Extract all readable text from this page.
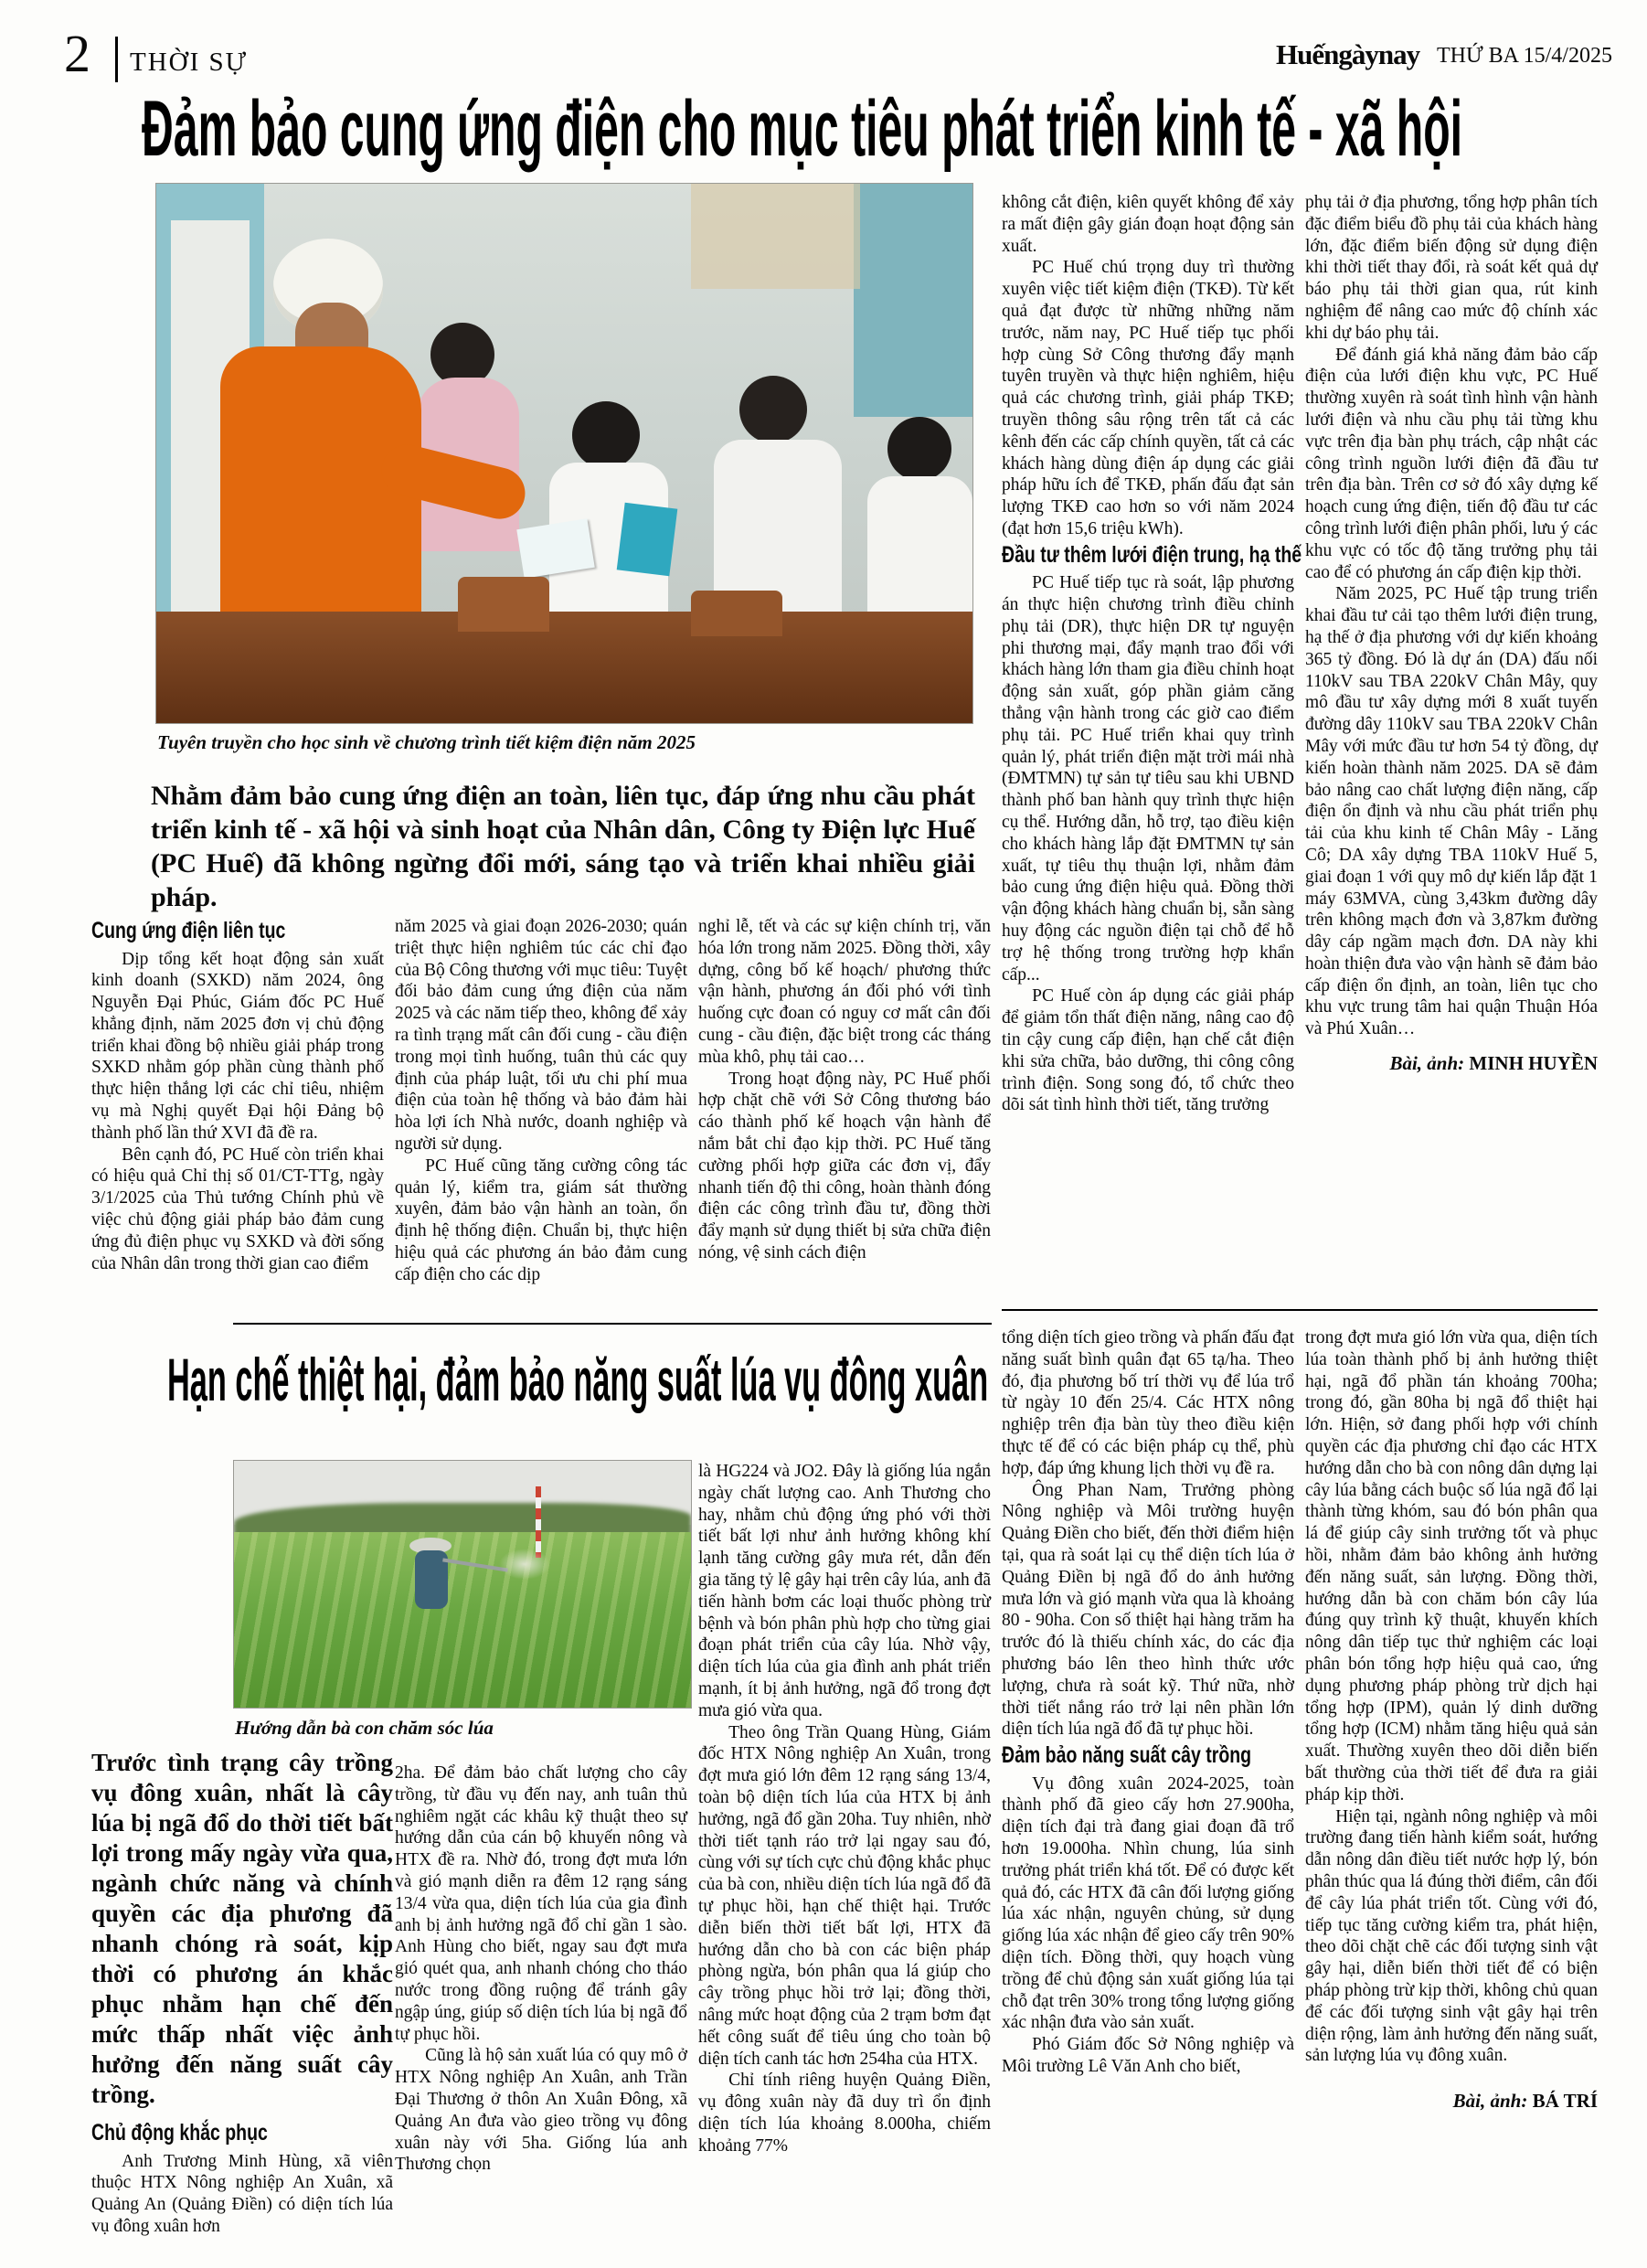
2 THỜI SỰ	Huếngàynay THỨ BA 15/4/2025
Đảm bảo cung ứng điện cho mục tiêu phát triển kinh tế - xã hội
Tuyên truyền cho học sinh về chương trình tiết kiệm điện năm 2025
Nhằm đảm bảo cung ứng điện an toàn, liên tục, đáp ứng nhu cầu phát triển kinh tế - xã hội và sinh hoạt của Nhân dân, Công ty Điện lực Huế (PC Huế) đã không ngừng đổi mới, sáng tạo và triển khai nhiều giải pháp.
Cung ứng điện liên tục

Dịp tổng kết hoạt động sản xuất kinh doanh (SXKD) năm 2024, ông Nguyễn Đại Phúc, Giám đốc PC Huế khẳng định, năm 2025 đơn vị chủ động triển khai đồng bộ nhiều giải pháp trong SXKD nhằm góp phần cùng thành phố thực hiện thắng lợi các chỉ tiêu, nhiệm vụ mà Nghị quyết Đại hội Đảng bộ thành phố lần thứ XVI đã đề ra.

Bên cạnh đó, PC Huế còn triển khai có hiệu quả Chỉ thị số 01/CT-TTg, ngày 3/1/2025 của Thủ tướng Chính phủ về việc chủ động giải pháp bảo đảm cung ứng đủ điện phục vụ SXKD và đời sống của Nhân dân trong thời gian cao điểm

năm 2025 và giai đoạn 2026-2030; quán triệt thực hiện nghiêm túc các chỉ đạo của Bộ Công thương với mục tiêu: Tuyệt đối bảo đảm cung ứng điện của năm 2025 và các năm tiếp theo, không để xảy ra tình trạng mất cân đối cung - cầu điện trong mọi tình huống, tuân thủ các quy định của pháp luật, tối ưu chi phí mua điện của toàn hệ thống và bảo đảm hài hòa lợi ích Nhà nước, doanh nghiệp và người sử dụng.

PC Huế cũng tăng cường công tác quản lý, kiểm tra, giám sát thường xuyên, đảm bảo vận hành an toàn, ổn định hệ thống điện. Chuẩn bị, thực hiện hiệu quả các phương án bảo đảm cung cấp điện cho các dịp

nghỉ lễ, tết và các sự kiện chính trị, văn hóa lớn trong năm 2025. Đồng thời, xây dựng, công bố kế hoạch/ phương thức vận hành, phương án đối phó với tình huống cực đoan có nguy cơ mất cân đối cung - cầu điện, đặc biệt trong các tháng mùa khô, phụ tải cao…

Trong hoạt động này, PC Huế phối hợp chặt chẽ với Sở Công thương báo cáo thành phố kế hoạch vận hành để nắm bắt chỉ đạo kịp thời. PC Huế tăng cường phối hợp giữa các đơn vị, đẩy nhanh tiến độ thi công, hoàn thành đóng điện các công trình đầu tư, đồng thời đẩy mạnh sử dụng thiết bị sửa chữa điện nóng, vệ sinh cách điện

không cắt điện, kiên quyết không để xảy ra mất điện gây gián đoạn hoạt động sản xuất.

PC Huế chú trọng duy trì thường xuyên việc tiết kiệm điện (TKĐ). Từ kết quả đạt được từ những những năm trước, năm nay, PC Huế tiếp tục phối hợp cùng Sở Công thương đẩy mạnh tuyên truyền và thực hiện nghiêm, hiệu quả các chương trình, giải pháp TKĐ; truyền thông sâu rộng trên tất cả các kênh đến các cấp chính quyền, tất cả các khách hàng dùng điện áp dụng các giải pháp hữu ích để TKĐ, phấn đấu đạt sản lượng TKĐ cao hơn so với năm 2024 (đạt hơn 15,6 triệu kWh).

Đầu tư thêm lưới điện trung, hạ thế

PC Huế tiếp tục rà soát, lập phương án thực hiện chương trình điều chỉnh phụ tải (DR), thực hiện DR tự nguyện phi thương mại, đẩy mạnh trao đổi với khách hàng lớn tham gia điều chỉnh hoạt động sản xuất, góp phần giảm căng thẳng vận hành trong các giờ cao điểm phụ tải. PC Huế triển khai quy trình quản lý, phát triển điện mặt trời mái nhà (ĐMTMN) tự sản tự tiêu sau khi UBND thành phố ban hành quy trình thực hiện cụ thể. Hướng dẫn, hỗ trợ, tạo điều kiện cho khách hàng lắp đặt ĐMTMN tự sản xuất, tự tiêu thụ thuận lợi, nhằm đảm bảo cung ứng điện hiệu quả. Đồng thời vận động khách hàng chuẩn bị, sẵn sàng huy động các nguồn điện tại chỗ để hỗ trợ hệ thống trong trường hợp khẩn cấp...

PC Huế còn áp dụng các giải pháp để giảm tổn thất điện năng, nâng cao độ tin cậy cung cấp điện, hạn chế cắt điện khi sửa chữa, bảo dưỡng, thi công công trình điện. Song song đó, tổ chức theo dõi sát tình hình thời tiết, tăng trưởng

phụ tải ở địa phương, tổng hợp phân tích đặc điểm biểu đồ phụ tải của khách hàng lớn, đặc điểm biến động sử dụng điện khi thời tiết thay đổi, rà soát kết quả dự báo phụ tải thời gian qua, rút kinh nghiệm để nâng cao mức độ chính xác khi dự báo phụ tải.

Để đánh giá khả năng đảm bảo cấp điện của lưới điện khu vực, PC Huế thường xuyên rà soát tình hình vận hành lưới điện và nhu cầu phụ tải từng khu vực trên địa bàn phụ trách, cập nhật các công trình nguồn lưới điện đã đầu tư trên địa bàn. Trên cơ sở đó xây dựng kế hoạch cung ứng điện, tiến độ đầu tư các công trình lưới điện phân phối, lưu ý các khu vực có tốc độ tăng trưởng phụ tải cao để có phương án cấp điện kịp thời.

Năm 2025, PC Huế tập trung triển khai đầu tư cải tạo thêm lưới điện trung, hạ thế ở địa phương với dự kiến khoảng 365 tỷ đồng. Đó là dự án (DA) đấu nối 110kV sau TBA 220kV Chân Mây, quy mô đầu tư xây dựng mới 8 xuất tuyến đường dây 110kV sau TBA 220kV Chân Mây với mức đầu tư hơn 54 tỷ đồng, dự kiến hoàn thành năm 2025. DA sẽ đảm bảo nâng cao chất lượng điện năng, cấp điện ổn định và nhu cầu phát triển phụ tải của khu kinh tế Chân Mây - Lăng Cô; DA xây dựng TBA 110kV Huế 5, giai đoạn 1 với quy mô dự kiến lắp đặt 1 máy 63MVA, cùng 3,43km đường dây trên không mạch đơn và 3,87km đường dây cáp ngầm mạch đơn. DA này khi hoàn thiện đưa vào vận hành sẽ đảm bảo cấp điện ổn định, an toàn, liên tục cho khu vực trung tâm hai quận Thuận Hóa và Phú Xuân…

Bài, ảnh: MINH HUYỀN
Hạn chế thiệt hại, đảm bảo năng suất lúa vụ đông xuân
Hướng dẫn bà con chăm sóc lúa
Trước tình trạng cây trồng vụ đông xuân, nhất là cây lúa bị ngã đổ do thời tiết bất lợi trong mấy ngày vừa qua, ngành chức năng và chính quyền các địa phương đã nhanh chóng rà soát, kịp thời có phương án khắc phục nhằm hạn chế đến mức thấp nhất việc ảnh hưởng đến năng suất cây trồng.
Chủ động khắc phục

Anh Trương Minh Hùng, xã viên thuộc HTX Nông nghiệp An Xuân, xã Quảng An (Quảng Điền) có diện tích lúa vụ đông xuân hơn

2ha. Để đảm bảo chất lượng cho cây trồng, từ đầu vụ đến nay, anh tuân thủ nghiêm ngặt các khâu kỹ thuật theo sự hướng dẫn của cán bộ khuyến nông và HTX đề ra. Nhờ đó, trong đợt mưa lớn và gió mạnh diễn ra đêm 12 rạng sáng 13/4 vừa qua, diện tích lúa của gia đình anh bị ảnh hưởng ngã đổ chỉ gần 1 sào. Anh Hùng cho biết, ngay sau đợt mưa gió quét qua, anh nhanh chóng cho tháo nước trong đồng ruộng để tránh gây ngập úng, giúp số diện tích lúa bị ngã đổ tự phục hồi.

Cũng là hộ sản xuất lúa có quy mô ở HTX Nông nghiệp An Xuân, anh Trần Đại Thương ở thôn An Xuân Đông, xã Quảng An đưa vào gieo trồng vụ đông xuân này với 5ha. Giống lúa anh Thương chọn

là HG224 và JO2. Đây là giống lúa ngắn ngày chất lượng cao. Anh Thương cho hay, nhằm chủ động ứng phó với thời tiết bất lợi như ảnh hưởng không khí lạnh tăng cường gây mưa rét, dẫn đến gia tăng tỷ lệ gây hại trên cây lúa, anh đã tiến hành bơm các loại thuốc phòng trừ bệnh và bón phân phù hợp cho từng giai đoạn phát triển của cây lúa. Nhờ vậy, diện tích lúa của gia đình anh phát triển mạnh, ít bị ảnh hưởng, ngã đổ trong đợt mưa gió vừa qua.

Theo ông Trần Quang Hùng, Giám đốc HTX Nông nghiệp An Xuân, trong đợt mưa gió lớn đêm 12 rạng sáng 13/4, toàn bộ diện tích lúa của HTX bị ảnh hưởng, ngã đổ gần 20ha. Tuy nhiên, nhờ thời tiết tạnh ráo trở lại ngay sau đó, cùng với sự tích cực chủ động khắc phục của bà con, nhiều diện tích lúa ngã đổ đã tự phục hồi, hạn chế thiệt hại. Trước diễn biến thời tiết bất lợi, HTX đã hướng dẫn cho bà con các biện pháp phòng ngừa, bón phân qua lá giúp cho cây trồng phục hồi trở lại; đồng thời, nâng mức hoạt động của 2 trạm bơm đạt hết công suất để tiêu úng cho toàn bộ diện tích canh tác hơn 254ha của HTX.

Chỉ tính riêng huyện Quảng Điền, vụ đông xuân này đã duy trì ổn định diện tích lúa khoảng 8.000ha, chiếm khoảng 77%

tổng diện tích gieo trồng và phấn đấu đạt năng suất bình quân đạt 65 tạ/ha. Theo đó, địa phương bố trí thời vụ để lúa trổ từ ngày 10 đến 25/4. Các HTX nông nghiệp trên địa bàn tùy theo điều kiện thực tế để có các biện pháp cụ thể, phù hợp, đáp ứng khung lịch thời vụ đề ra.

Ông Phan Nam, Trưởng phòng Nông nghiệp và Môi trường huyện Quảng Điền cho biết, đến thời điểm hiện tại, qua rà soát lại cụ thể diện tích lúa ở Quảng Điền bị ngã đổ do ảnh hưởng mưa lớn và gió mạnh vừa qua là khoảng 80 - 90ha. Con số thiệt hại hàng trăm ha trước đó là thiếu chính xác, do các địa phương báo lên theo hình thức ước lượng, chưa rà soát kỹ. Thứ nữa, nhờ thời tiết nắng ráo trở lại nên phần lớn diện tích lúa ngã đổ đã tự phục hồi.

Đảm bảo năng suất cây trồng

Vụ đông xuân 2024-2025, toàn thành phố đã gieo cấy hơn 27.900ha, diện tích đại trà đang giai đoạn đã trổ hơn 19.000ha. Nhìn chung, lúa sinh trưởng phát triển khá tốt. Để có được kết quả đó, các HTX đã cân đối lượng giống lúa xác nhận, nguyên chủng, sử dụng giống lúa xác nhận để gieo cấy trên 90% diện tích. Đồng thời, quy hoạch vùng trồng để chủ động sản xuất giống lúa tại chỗ đạt trên 30% trong tổng lượng giống xác nhận đưa vào sản xuất.

Phó Giám đốc Sở Nông nghiệp và Môi trường Lê Văn Anh cho biết,

trong đợt mưa gió lớn vừa qua, diện tích lúa toàn thành phố bị ảnh hưởng thiệt hại, ngã đổ phần tán khoảng 700ha; trong đó, gần 80ha bị ngã đổ thiệt hại lớn. Hiện, sở đang phối hợp với chính quyền các địa phương chỉ đạo các HTX hướng dẫn cho bà con nông dân dựng lại cây lúa bằng cách buộc số lúa ngã đổ lại thành từng khóm, sau đó bón phân qua lá để giúp cây sinh trưởng tốt và phục hồi, nhằm đảm bảo không ảnh hưởng đến năng suất, sản lượng. Đồng thời, hướng dẫn bà con chăm bón cây lúa đúng quy trình kỹ thuật, khuyến khích nông dân tiếp tục thử nghiệm các loại phân bón tổng hợp hiệu quả cao, ứng dụng phương pháp phòng trừ dịch hại tổng hợp (IPM), quản lý dinh dưỡng tổng hợp (ICM) nhằm tăng hiệu quả sản xuất. Thường xuyên theo dõi diễn biến bất thường của thời tiết để đưa ra giải pháp kịp thời.

Hiện tại, ngành nông nghiệp và môi trường đang tiến hành kiểm soát, hướng dẫn nông dân điều tiết nước hợp lý, bón phân thúc qua lá đúng thời điểm, cân đối để cây lúa phát triển tốt. Cùng với đó, tiếp tục tăng cường kiểm tra, phát hiện, theo dõi chặt chẽ các đối tượng sinh vật gây hại, diễn biến thời tiết để có biện pháp phòng trừ kịp thời, không chủ quan để các đối tượng sinh vật gây hại trên diện rộng, làm ảnh hưởng đến năng suất, sản lượng lúa vụ đông xuân.

Bài, ảnh: BÁ TRÍ
